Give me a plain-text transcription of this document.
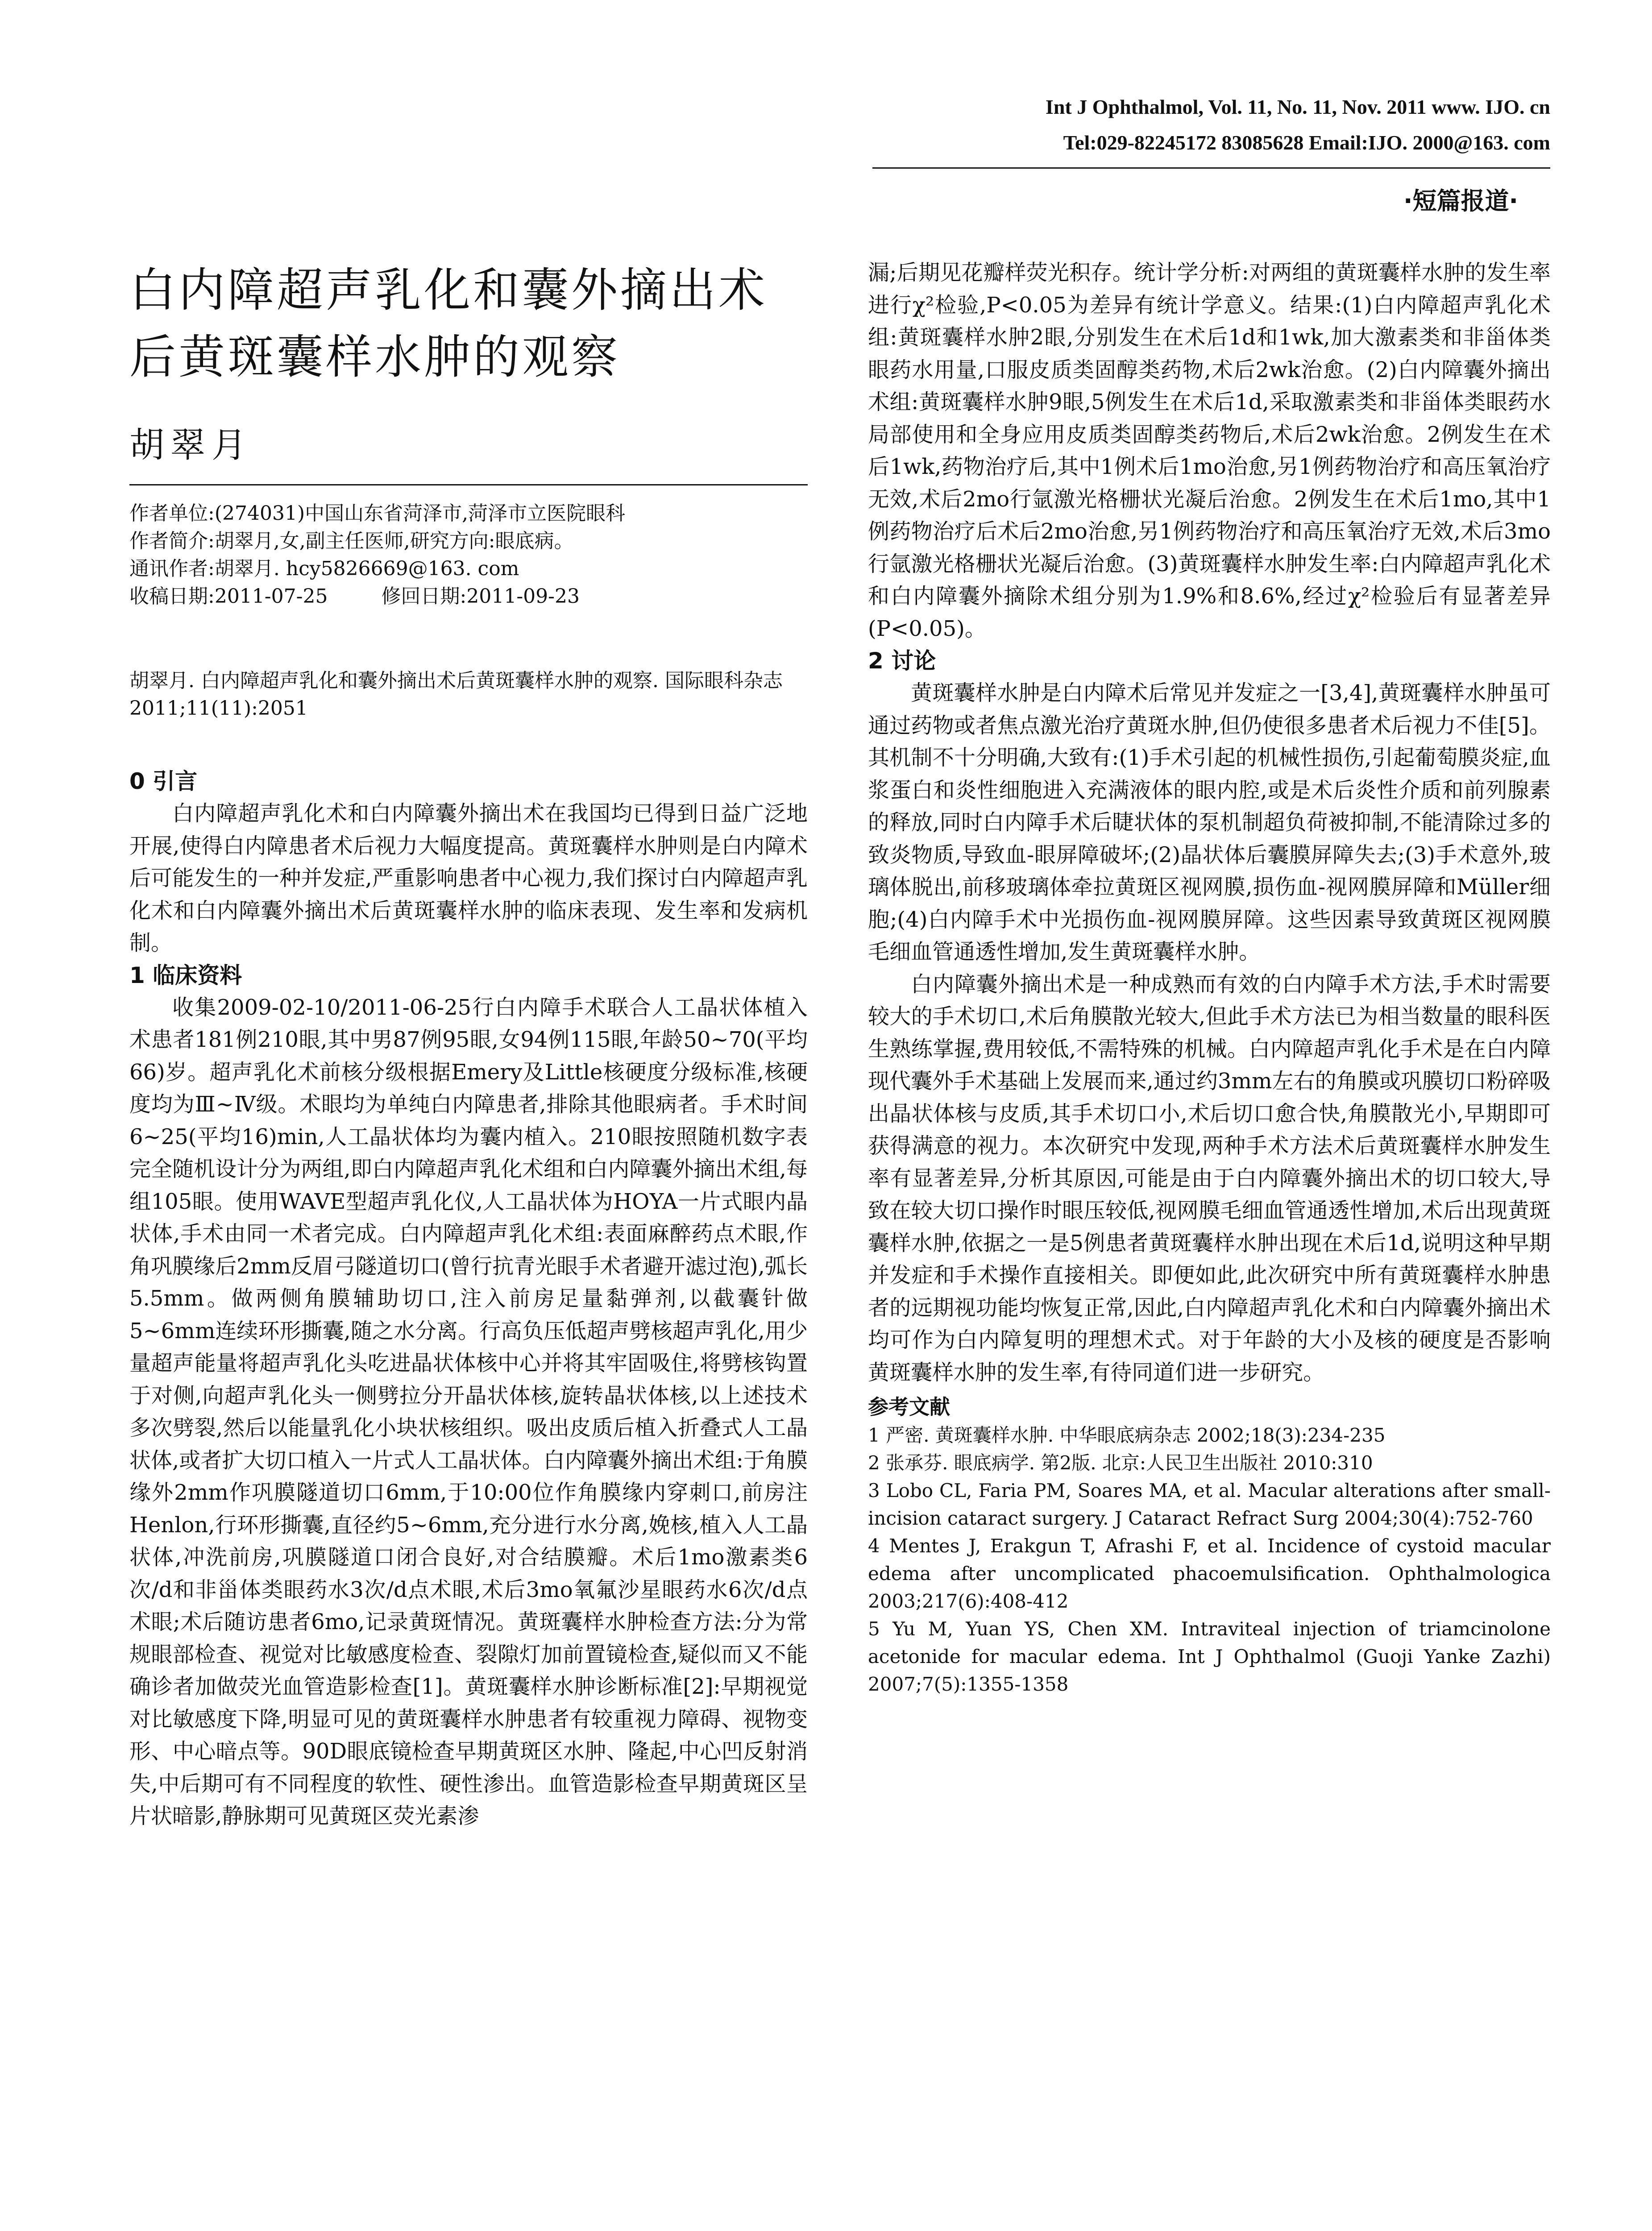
Int J Ophthalmol, Vol. 11, No. 11, Nov. 2011 www. IJO. cn
Tel:029-82245172 83085628 Email:IJO. 2000@163. com
·短篇报道·
白内障超声乳化和囊外摘出术后黄斑囊样水肿的观察
胡翠月
作者单位:(274031)中国山东省菏泽市,菏泽市立医院眼科
作者简介:胡翠月,女,副主任医师,研究方向:眼底病。
通讯作者:胡翠月. hcy5826669@163. com
收稿日期:2011-07-25	修回日期:2011-09-23
胡翠月. 白内障超声乳化和囊外摘出术后黄斑囊样水肿的观察. 国际眼科杂志 2011;11(11):2051
0 引言

白内障超声乳化术和白内障囊外摘出术在我国均已得到日益广泛地开展,使得白内障患者术后视力大幅度提高。黄斑囊样水肿则是白内障术后可能发生的一种并发症,严重影响患者中心视力,我们探讨白内障超声乳化术和白内障囊外摘出术后黄斑囊样水肿的临床表现、发生率和发病机制。

1 临床资料

收集2009-02-10/2011-06-25行白内障手术联合人工晶状体植入术患者181例210眼,其中男87例95眼,女94例115眼,年龄50~70(平均66)岁。超声乳化术前核分级根据Emery及Little核硬度分级标准,核硬度均为Ⅲ~Ⅳ级。术眼均为单纯白内障患者,排除其他眼病者。手术时间6~25(平均16)min,人工晶状体均为囊内植入。210眼按照随机数字表完全随机设计分为两组,即白内障超声乳化术组和白内障囊外摘出术组,每组105眼。使用WAVE型超声乳化仪,人工晶状体为HOYA一片式眼内晶状体,手术由同一术者完成。白内障超声乳化术组:表面麻醉药点术眼,作角巩膜缘后2mm反眉弓隧道切口(曾行抗青光眼手术者避开滤过泡),弧长5.5mm。做两侧角膜辅助切口,注入前房足量黏弹剂,以截囊针做5~6mm连续环形撕囊,随之水分离。行高负压低超声劈核超声乳化,用少量超声能量将超声乳化头吃进晶状体核中心并将其牢固吸住,将劈核钩置于对侧,向超声乳化头一侧劈拉分开晶状体核,旋转晶状体核,以上述技术多次劈裂,然后以能量乳化小块状核组织。吸出皮质后植入折叠式人工晶状体,或者扩大切口植入一片式人工晶状体。白内障囊外摘出术组:于角膜缘外2mm作巩膜隧道切口6mm,于10:00位作角膜缘内穿刺口,前房注Henlon,行环形撕囊,直径约5~6mm,充分进行水分离,娩核,植入人工晶状体,冲洗前房,巩膜隧道口闭合良好,对合结膜瓣。术后1mo激素类6次/d和非甾体类眼药水3次/d点术眼,术后3mo氧氟沙星眼药水6次/d点术眼;术后随访患者6mo,记录黄斑情况。黄斑囊样水肿检查方法:分为常规眼部检查、视觉对比敏感度检查、裂隙灯加前置镜检查,疑似而又不能确诊者加做荧光血管造影检查[1]。黄斑囊样水肿诊断标准[2]:早期视觉对比敏感度下降,明显可见的黄斑囊样水肿患者有较重视力障碍、视物变形、中心暗点等。90D眼底镜检查早期黄斑区水肿、隆起,中心凹反射消失,中后期可有不同程度的软性、硬性渗出。血管造影检查早期黄斑区呈片状暗影,静脉期可见黄斑区荧光素渗

漏;后期见花瓣样荧光积存。统计学分析:对两组的黄斑囊样水肿的发生率进行χ²检验,P<0.05为差异有统计学意义。结果:(1)白内障超声乳化术组:黄斑囊样水肿2眼,分别发生在术后1d和1wk,加大激素类和非甾体类眼药水用量,口服皮质类固醇类药物,术后2wk治愈。(2)白内障囊外摘出术组:黄斑囊样水肿9眼,5例发生在术后1d,采取激素类和非甾体类眼药水局部使用和全身应用皮质类固醇类药物后,术后2wk治愈。2例发生在术后1wk,药物治疗后,其中1例术后1mo治愈,另1例药物治疗和高压氧治疗无效,术后2mo行氩激光格栅状光凝后治愈。2例发生在术后1mo,其中1例药物治疗后术后2mo治愈,另1例药物治疗和高压氧治疗无效,术后3mo行氩激光格栅状光凝后治愈。(3)黄斑囊样水肿发生率:白内障超声乳化术和白内障囊外摘除术组分别为1.9%和8.6%,经过χ²检验后有显著差异(P<0.05)。

2 讨论

黄斑囊样水肿是白内障术后常见并发症之一[3,4],黄斑囊样水肿虽可通过药物或者焦点激光治疗黄斑水肿,但仍使很多患者术后视力不佳[5]。其机制不十分明确,大致有:(1)手术引起的机械性损伤,引起葡萄膜炎症,血浆蛋白和炎性细胞进入充满液体的眼内腔,或是术后炎性介质和前列腺素的释放,同时白内障手术后睫状体的泵机制超负荷被抑制,不能清除过多的致炎物质,导致血-眼屏障破坏;(2)晶状体后囊膜屏障失去;(3)手术意外,玻璃体脱出,前移玻璃体牵拉黄斑区视网膜,损伤血-视网膜屏障和Müller细胞;(4)白内障手术中光损伤血-视网膜屏障。这些因素导致黄斑区视网膜毛细血管通透性增加,发生黄斑囊样水肿。

白内障囊外摘出术是一种成熟而有效的白内障手术方法,手术时需要较大的手术切口,术后角膜散光较大,但此手术方法已为相当数量的眼科医生熟练掌握,费用较低,不需特殊的机械。白内障超声乳化手术是在白内障现代囊外手术基础上发展而来,通过约3mm左右的角膜或巩膜切口粉碎吸出晶状体核与皮质,其手术切口小,术后切口愈合快,角膜散光小,早期即可获得满意的视力。本次研究中发现,两种手术方法术后黄斑囊样水肿发生率有显著差异,分析其原因,可能是由于白内障囊外摘出术的切口较大,导致在较大切口操作时眼压较低,视网膜毛细血管通透性增加,术后出现黄斑囊样水肿,依据之一是5例患者黄斑囊样水肿出现在术后1d,说明这种早期并发症和手术操作直接相关。即便如此,此次研究中所有黄斑囊样水肿患者的远期视功能均恢复正常,因此,白内障超声乳化术和白内障囊外摘出术均可作为白内障复明的理想术式。对于年龄的大小及核的硬度是否影响黄斑囊样水肿的发生率,有待同道们进一步研究。

参考文献

1 严密. 黄斑囊样水肿. 中华眼底病杂志 2002;18(3):234-235

2 张承芬. 眼底病学. 第2版. 北京:人民卫生出版社 2010:310

3 Lobo CL, Faria PM, Soares MA, et al. Macular alterations after small-incision cataract surgery. J Cataract Refract Surg 2004;30(4):752-760

4 Mentes J, Erakgun T, Afrashi F, et al. Incidence of cystoid macular edema after uncomplicated phacoemulsification. Ophthalmologica 2003;217(6):408-412

5 Yu M, Yuan YS, Chen XM. Intraviteal injection of triamcinolone acetonide for macular edema. Int J Ophthalmol (Guoji Yanke Zazhi) 2007;7(5):1355-1358
